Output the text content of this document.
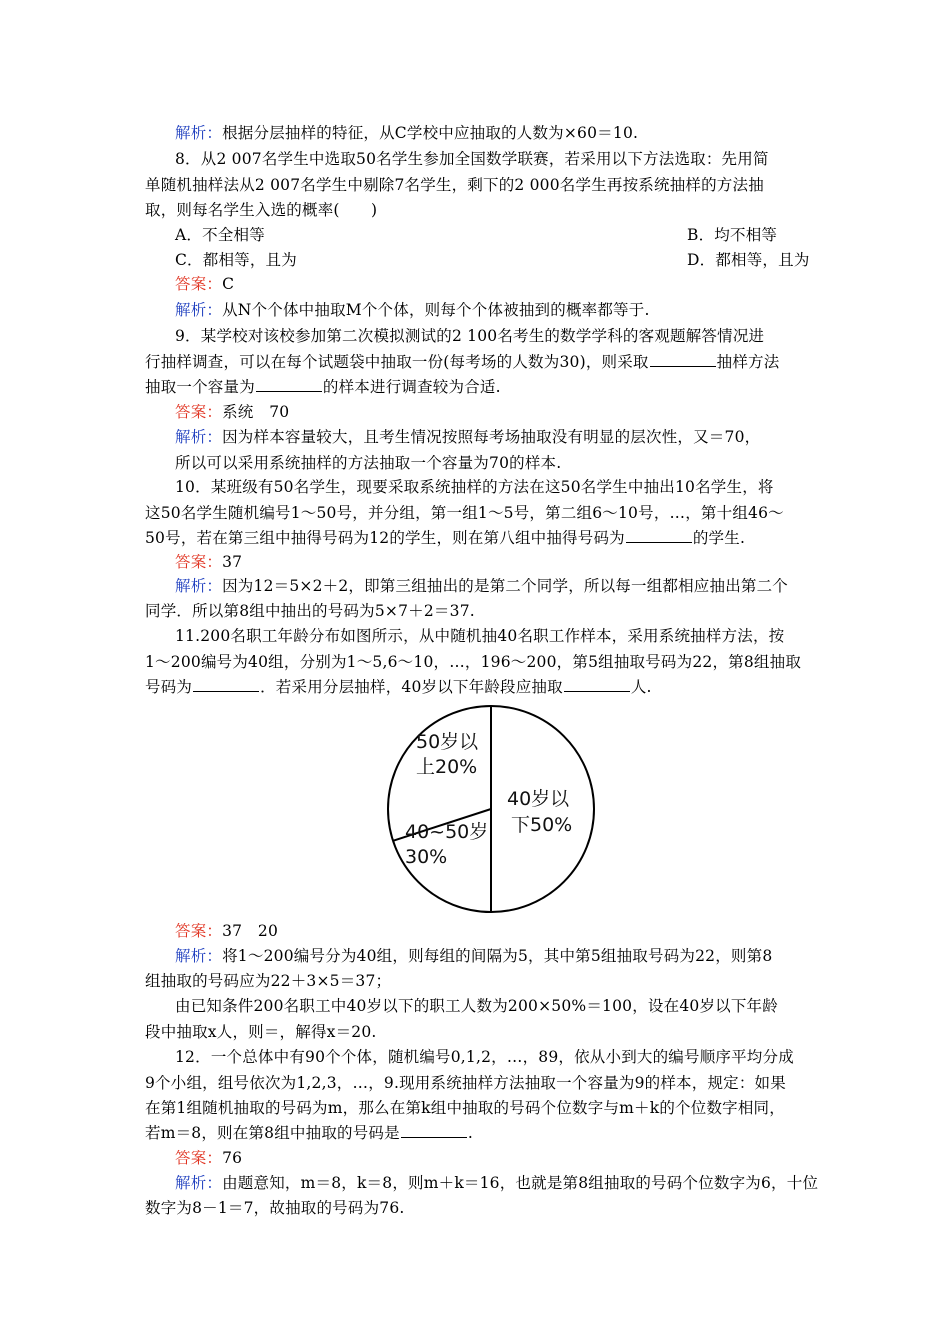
解析：根据分层抽样的特征，从C学校中应抽取的人数为×60＝10.
8．从2 007名学生中选取50名学生参加全国数学联赛，若采用以下方法选取：先用简
单随机抽样法从2 007名学生中剔除7名学生，剩下的2 000名学生再按系统抽样的方法抽
取，则每名学生入选的概率(　　)
A．不全相等	B．均不相等
C．都相等，且为	D．都相等，且为
答案：C
解析：从N个个体中抽取M个个体，则每个个体被抽到的概率都等于.
9．某学校对该校参加第二次模拟测试的2 100名考生的数学学科的客观题解答情况进
行抽样调查，可以在每个试题袋中抽取一份(每考场的人数为30)，则采取	抽样方法
抽取一个容量为	的样本进行调查较为合适.
答案：系统　70
解析：因为样本容量较大，且考生情况按照每考场抽取没有明显的层次性，又＝70，
所以可以采用系统抽样的方法抽取一个容量为70的样本.
10．某班级有50名学生，现要采取系统抽样的方法在这50名学生中抽出10名学生，将
这50名学生随机编号1～50号，并分组，第一组1～5号，第二组6～10号，…，第十组46～
50号，若在第三组中抽得号码为12的学生，则在第八组中抽得号码为	的学生.
答案：37
解析：因为12＝5×2＋2，即第三组抽出的是第二个同学，所以每一组都相应抽出第二个
同学．所以第8组中抽出的号码为5×7＋2＝37.
11.200名职工年龄分布如图所示，从中随机抽40名职工作样本，采用系统抽样方法，按
1～200编号为40组，分别为1～5,6～10，…，196～200，第5组抽取号码为22，第8组抽取
号码为	．若采用分层抽样，40岁以下年龄段应抽取	人.
40岁以
下50%
50岁以
上20%
40~50岁
30%
答案：37　20
解析：将1～200编号分为40组，则每组的间隔为5，其中第5组抽取号码为22，则第8
组抽取的号码应为22＋3×5＝37；
由已知条件200名职工中40岁以下的职工人数为200×50%＝100，设在40岁以下年龄
段中抽取x人，则＝，解得x＝20.
12．一个总体中有90个个体，随机编号0,1,2，…，89，依从小到大的编号顺序平均分成
9个小组，组号依次为1,2,3，…，9.现用系统抽样方法抽取一个容量为9的样本，规定：如果
在第1组随机抽取的号码为m，那么在第k组中抽取的号码个位数字与m＋k的个位数字相同，
若m＝8，则在第8组中抽取的号码是	.
答案：76
解析：由题意知，m＝8，k＝8，则m＋k＝16，也就是第8组抽取的号码个位数字为6，十位
数字为8－1＝7，故抽取的号码为76.
